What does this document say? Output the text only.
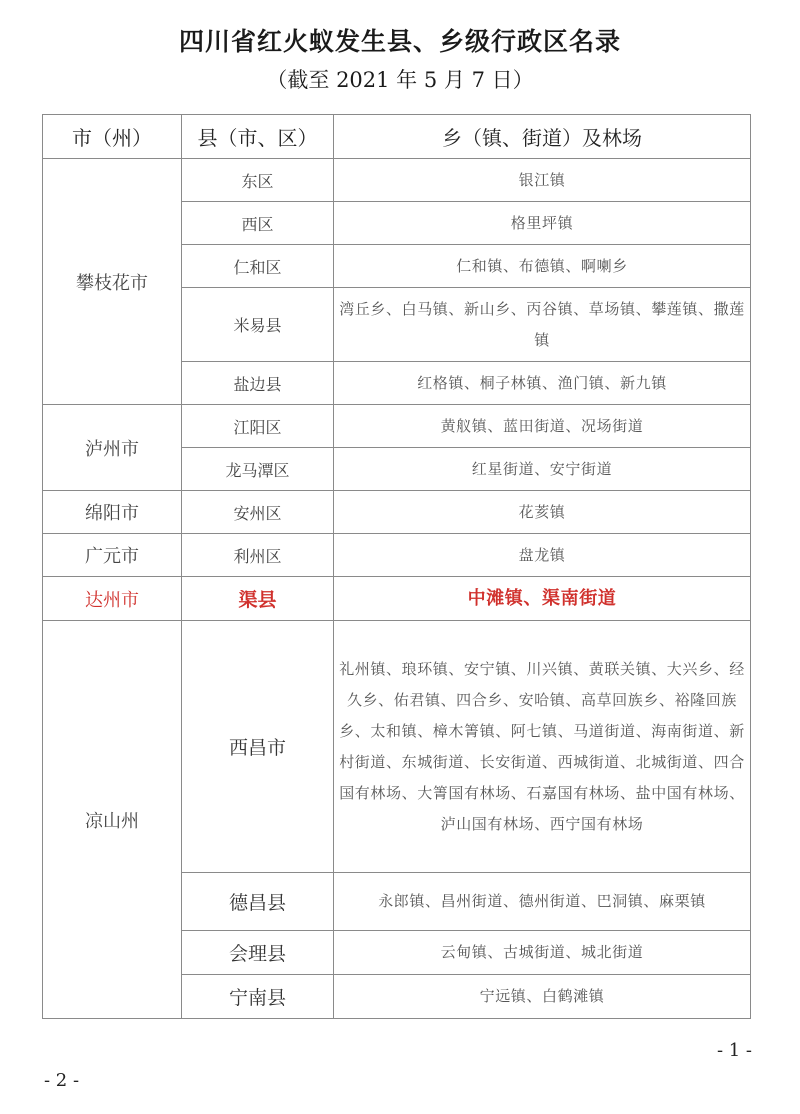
四川省红火蚁发生县、乡级行政区名录
（截至 2021 年 5 月 7 日）
市（州）	县（市、区）	乡（镇、街道）及林场
攀枝花市	东区	银江镇
	西区	格里坪镇
	仁和区	仁和镇、布德镇、啊喇乡
	米易县	湾丘乡、白马镇、新山乡、丙谷镇、草场镇、攀莲镇、撒莲镇
	盐边县	红格镇、桐子林镇、渔门镇、新九镇
泸州市	江阳区	黄舣镇、蓝田街道、况场街道
	龙马潭区	红星街道、安宁街道
绵阳市	安州区	花荄镇
广元市	利州区	盘龙镇
达州市	渠县	中滩镇、渠南街道
凉山州	西昌市	礼州镇、琅环镇、安宁镇、川兴镇、黄联关镇、大兴乡、经久乡、佑君镇、四合乡、安哈镇、高草回族乡、裕隆回族乡、太和镇、樟木箐镇、阿七镇、马道街道、海南街道、新村街道、东城街道、长安街道、西城街道、北城街道、四合国有林场、大箐国有林场、石嘉国有林场、盐中国有林场、泸山国有林场、西宁国有林场
	德昌县	永郎镇、昌州街道、德州街道、巴洞镇、麻栗镇
	会理县	云甸镇、古城街道、城北街道
	宁南县	宁远镇、白鹤滩镇
- 1 -
- 2 -
